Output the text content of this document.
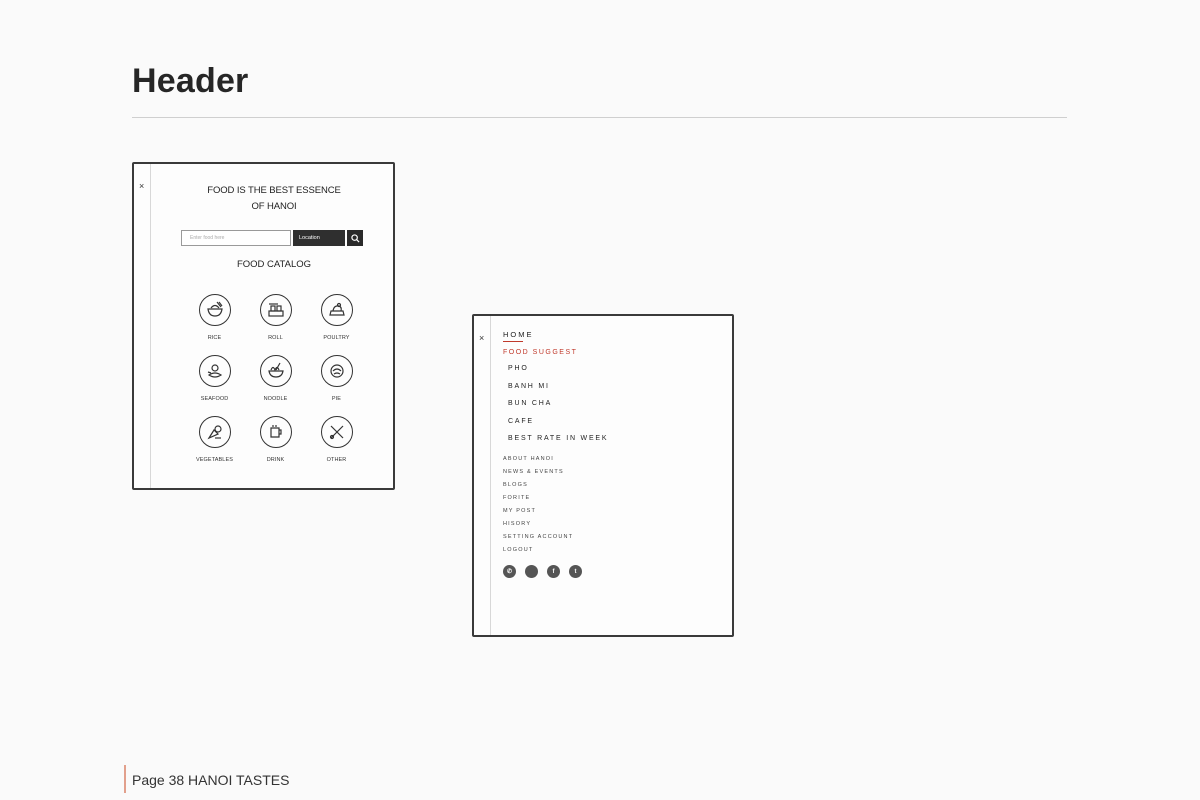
Header
×	FOOD IS THE BEST ESSENCE
OF HANOI
Enter food here
Location
FOOD CATALOG
RICE	ROLL	POULTRY
SEAFOOD	NOODLE	PIE
VEGETABLES	DRINK	OTHER
× HOME
FOOD SUGGEST
PHO
BANH MI
BUN CHA
CAFE
BEST RATE IN WEEK
ABOUT HANOI
NEWS & EVENTS
BLOGS
FORITE
MY POST
HISORY
SETTING ACCOUNT
LOGOUT
✆	f	t
Page 38 HANOI TASTES
